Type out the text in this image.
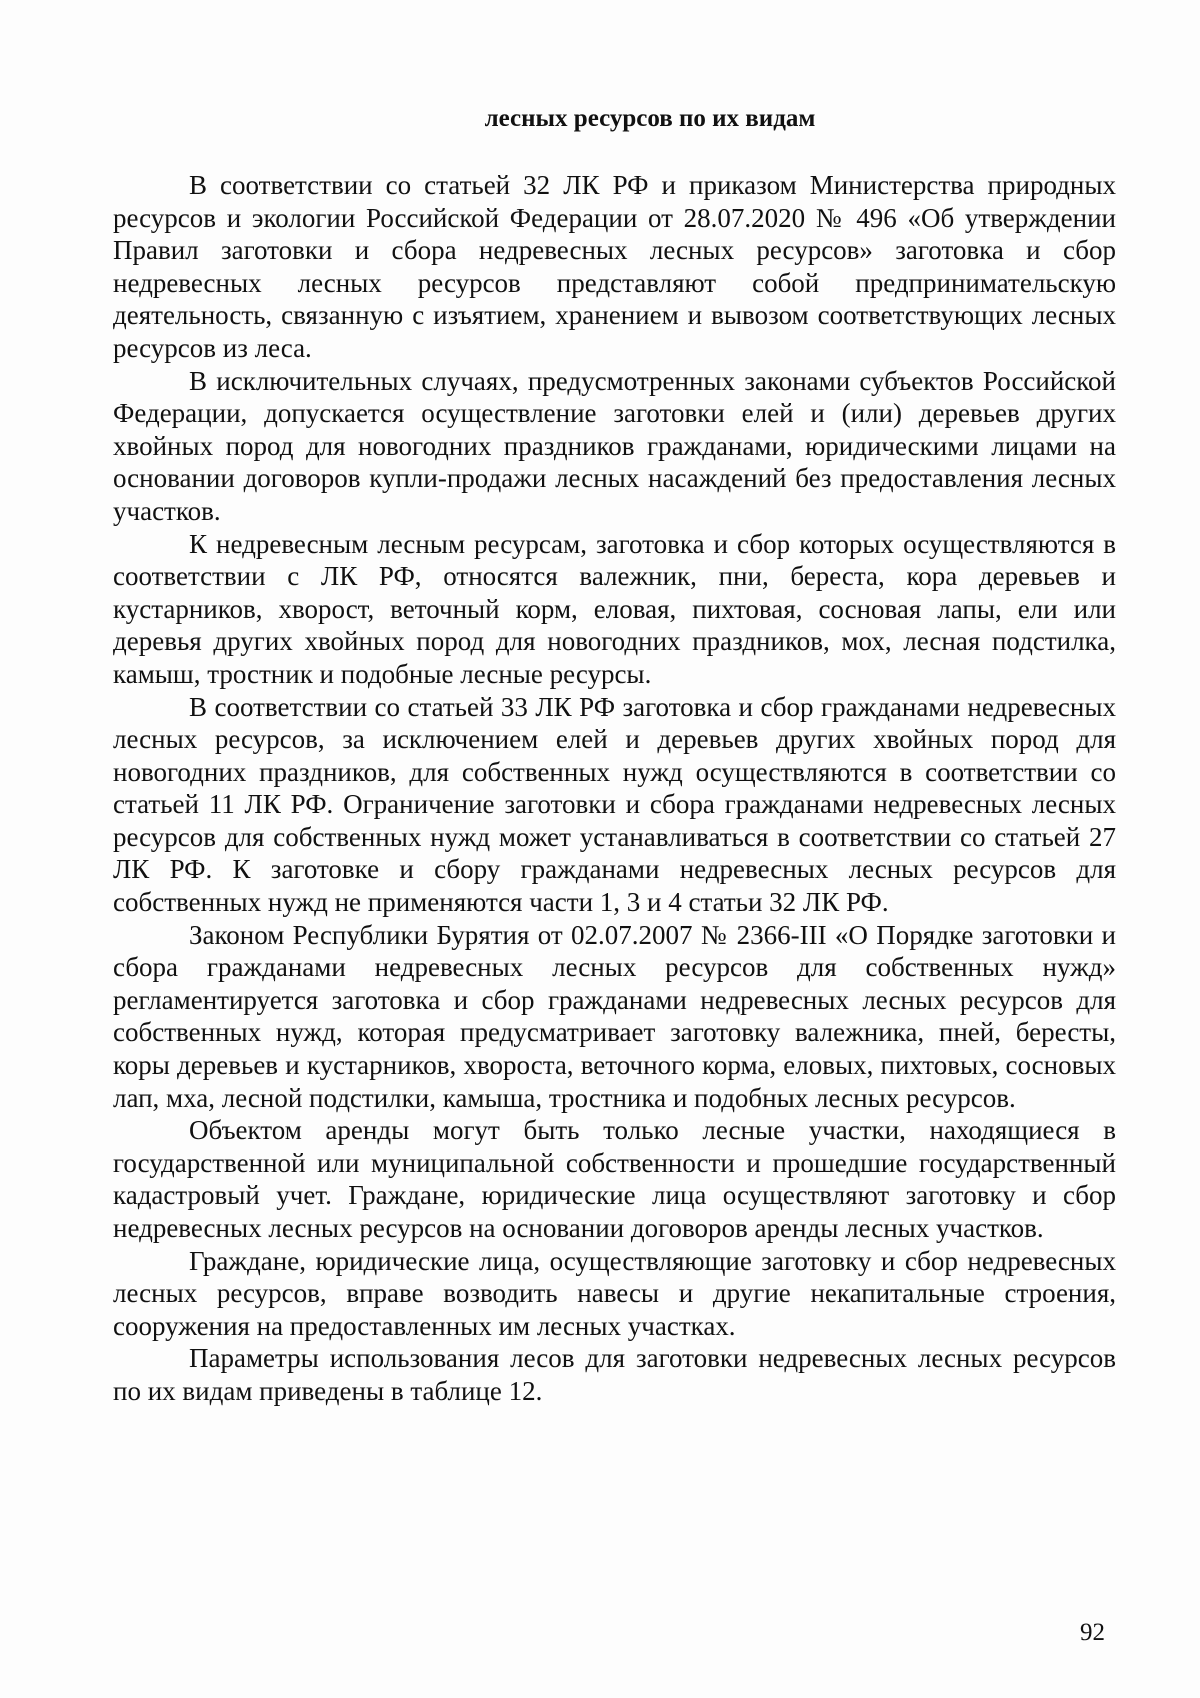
лесных ресурсов по их видам

В соответствии со статьей 32 ЛК РФ и приказом Министерства природных ресурсов и экологии Российской Федерации от 28.07.2020 № 496 «Об утверждении Правил заготовки и сбора недревесных лесных ресурсов» заготовка и сбор недревесных лесных ресурсов представляют собой предпринимательскую деятельность, связанную с изъятием, хранением и вывозом соответствующих лесных ресурсов из леса.

В исключительных случаях, предусмотренных законами субъектов Российской Федерации, допускается осуществление заготовки елей и (или) деревьев других хвойных пород для новогодних праздников гражданами, юридическими лицами на основании договоров купли-продажи лесных насаждений без предоставления лесных участков.

К недревесным лесным ресурсам, заготовка и сбор которых осуществляются в соответствии с ЛК РФ, относятся валежник, пни, береста, кора деревьев и кустарников, хворост, веточный корм, еловая, пихтовая, сосновая лапы, ели или деревья других хвойных пород для новогодних праздников, мох, лесная подстилка, камыш, тростник и подобные лесные ресурсы.

В соответствии со статьей 33 ЛК РФ заготовка и сбор гражданами недревесных лесных ресурсов, за исключением елей и деревьев других хвойных пород для новогодних праздников, для собственных нужд осуществляются в соответствии со статьей 11 ЛК РФ. Ограничение заготовки и сбора гражданами недревесных лесных ресурсов для собственных нужд может устанавливаться в соответствии со статьей 27 ЛК РФ. К заготовке и сбору гражданами недревесных лесных ресурсов для собственных нужд не применяются части 1, 3 и 4 статьи 32 ЛК РФ.

Законом Республики Бурятия от 02.07.2007 № 2366-III «О Порядке заготовки и сбора гражданами недревесных лесных ресурсов для собственных нужд» регламентируется заготовка и сбор гражданами недревесных лесных ресурсов для собственных нужд, которая предусматривает заготовку валежника, пней, бересты, коры деревьев и кустарников, хвороста, веточного корма, еловых, пихтовых, сосновых лап, мха, лесной подстилки, камыша, тростника и подобных лесных ресурсов.

Объектом аренды могут быть только лесные участки, находящиеся в государственной или муниципальной собственности и прошедшие государственный кадастровый учет. Граждане, юридические лица осуществляют заготовку и сбор недревесных лесных ресурсов на основании договоров аренды лесных участков.

Граждане, юридические лица, осуществляющие заготовку и сбор недревесных лесных ресурсов, вправе возводить навесы и другие некапитальные строения, сооружения на предоставленных им лесных участках.

Параметры использования лесов для заготовки недревесных лесных ресурсов по их видам приведены в таблице 12.

92
